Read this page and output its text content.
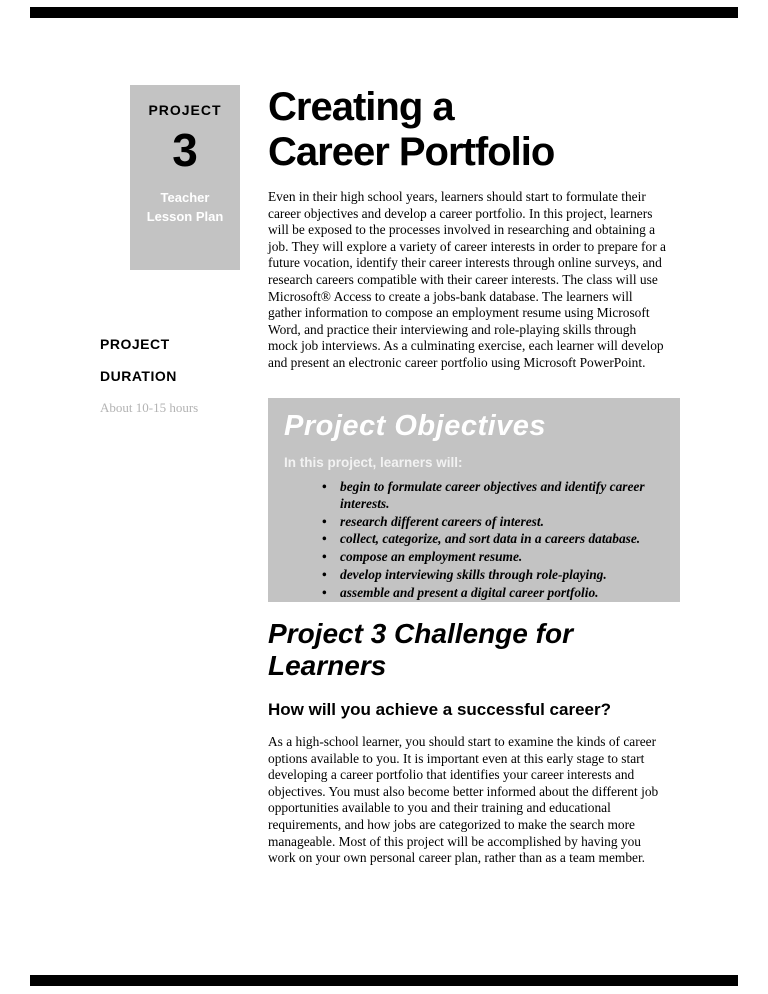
PROJECT
3
Teacher
Lesson Plan
PROJECT
DURATION
About 10-15 hours
Creating a
Career Portfolio
Even in their high school years, learners should start to formulate their career objectives and develop a career portfolio. In this project, learners will be exposed to the processes involved in researching and obtaining a job. They will explore a variety of career interests in order to prepare for a future vocation, identify their career interests through online surveys, and research careers compatible with their career interests. The class will use Microsoft® Access to create a jobs-bank database. The learners will gather information to compose an employment resume using Microsoft Word, and practice their interviewing and role-playing skills through mock job interviews. As a culminating exercise, each learner will develop and present an electronic career portfolio using Microsoft PowerPoint.
Project Objectives
In this project, learners will:
• begin to formulate career objectives and identify career interests.
• research different careers of interest.
• collect, categorize, and sort data in a careers database.
• compose an employment resume.
• develop interviewing skills through role-playing.
• assemble and present a digital career portfolio.
Project 3 Challenge for Learners
How will you achieve a successful career?
As a high-school learner, you should start to examine the kinds of career options available to you. It is important even at this early stage to start developing a career portfolio that identifies your career interests and objectives. You must also become better informed about the different job opportunities available to you and their training and educational requirements, and how jobs are categorized to make the search more manageable. Most of this project will be accomplished by having you work on your own personal career plan, rather than as a team member.
